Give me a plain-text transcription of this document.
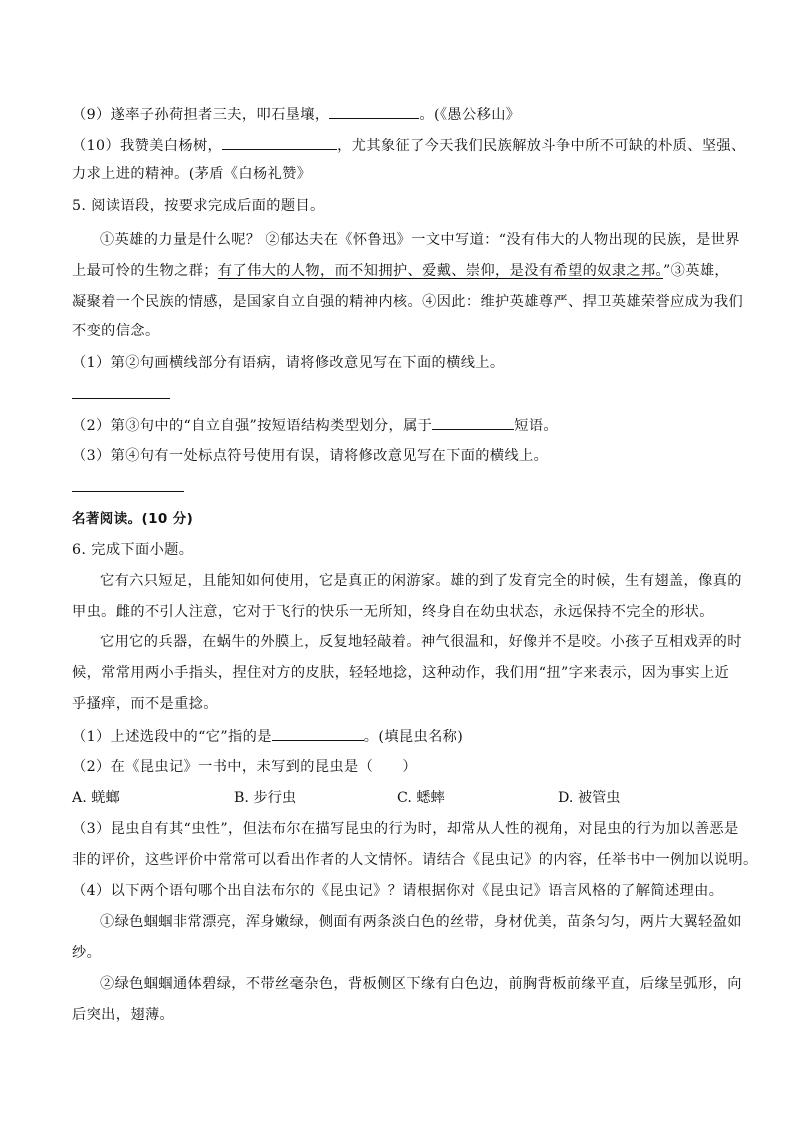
（9）遂率子孙荷担者三夫，叩石垦壤，	。(《愚公移山》
（10）我赞美白杨树，	，尤其象征了今天我们民族解放斗争中所不可缺的朴质、坚强、
力求上进的精神。(茅盾《白杨礼赞》
5. 阅读语段，按要求完成后面的题目。
①英雄的力量是什么呢？ ②郁达夫在《怀鲁迅》一文中写道：“没有伟大的人物出现的民族，是世界
上最可怜的生物之群；有了伟大的人物，而不知拥护、爱戴、崇仰，是没有希望的奴隶之邦。”③英雄，
凝聚着一个民族的情感，是国家自立自强的精神内核。④因此：维护英雄尊严、捍卫英雄荣誉应成为我们
不变的信念。
（1）第②句画横线部分有语病，请将修改意见写在下面的横线上。
（2）第③句中的“自立自强”按短语结构类型划分，属于	短语。
（3）第④句有一处标点符号使用有误，请将修改意见写在下面的横线上。
名著阅读。(10 分)
6. 完成下面小题。
它有六只短足，且能知如何使用，它是真正的闲游家。雄的到了发育完全的时候，生有翅盖，像真的
甲虫。雌的不引人注意，它对于飞行的快乐一无所知，终身自在幼虫状态，永远保持不完全的形状。
它用它的兵器，在蜗牛的外膜上，反复地轻敲着。神气很温和，好像并不是咬。小孩子互相戏弄的时
候，常常用两小手指头，捏住对方的皮肤，轻轻地捻，这种动作，我们用“扭”字来表示，因为事实上近
乎搔痒，而不是重捻。
（1）上述选段中的“它”指的是	。(填昆虫名称)
（2）在《昆虫记》一书中，未写到的昆虫是（　　）
A. 蜣螂	B. 步行虫	C. 蟋蟀	D. 被管虫
（3）昆虫自有其“虫性”，但法布尔在描写昆虫的行为时，却常从人性的视角，对昆虫的行为加以善恶是
非的评价，这些评价中常常可以看出作者的人文情怀。请结合《昆虫记》的内容，任举书中一例加以说明。
（4）以下两个语句哪个出自法布尔的《昆虫记》？请根据你对《昆虫记》语言风格的了解简述理由。
①绿色蝈蝈非常漂亮，浑身嫩绿，侧面有两条淡白色的丝带，身材优美，苗条匀匀，两片大翼轻盈如
纱。
②绿色蝈蝈通体碧绿，不带丝毫杂色，背板侧区下缘有白色边，前胸背板前缘平直，后缘呈弧形，向
后突出，翅薄。
